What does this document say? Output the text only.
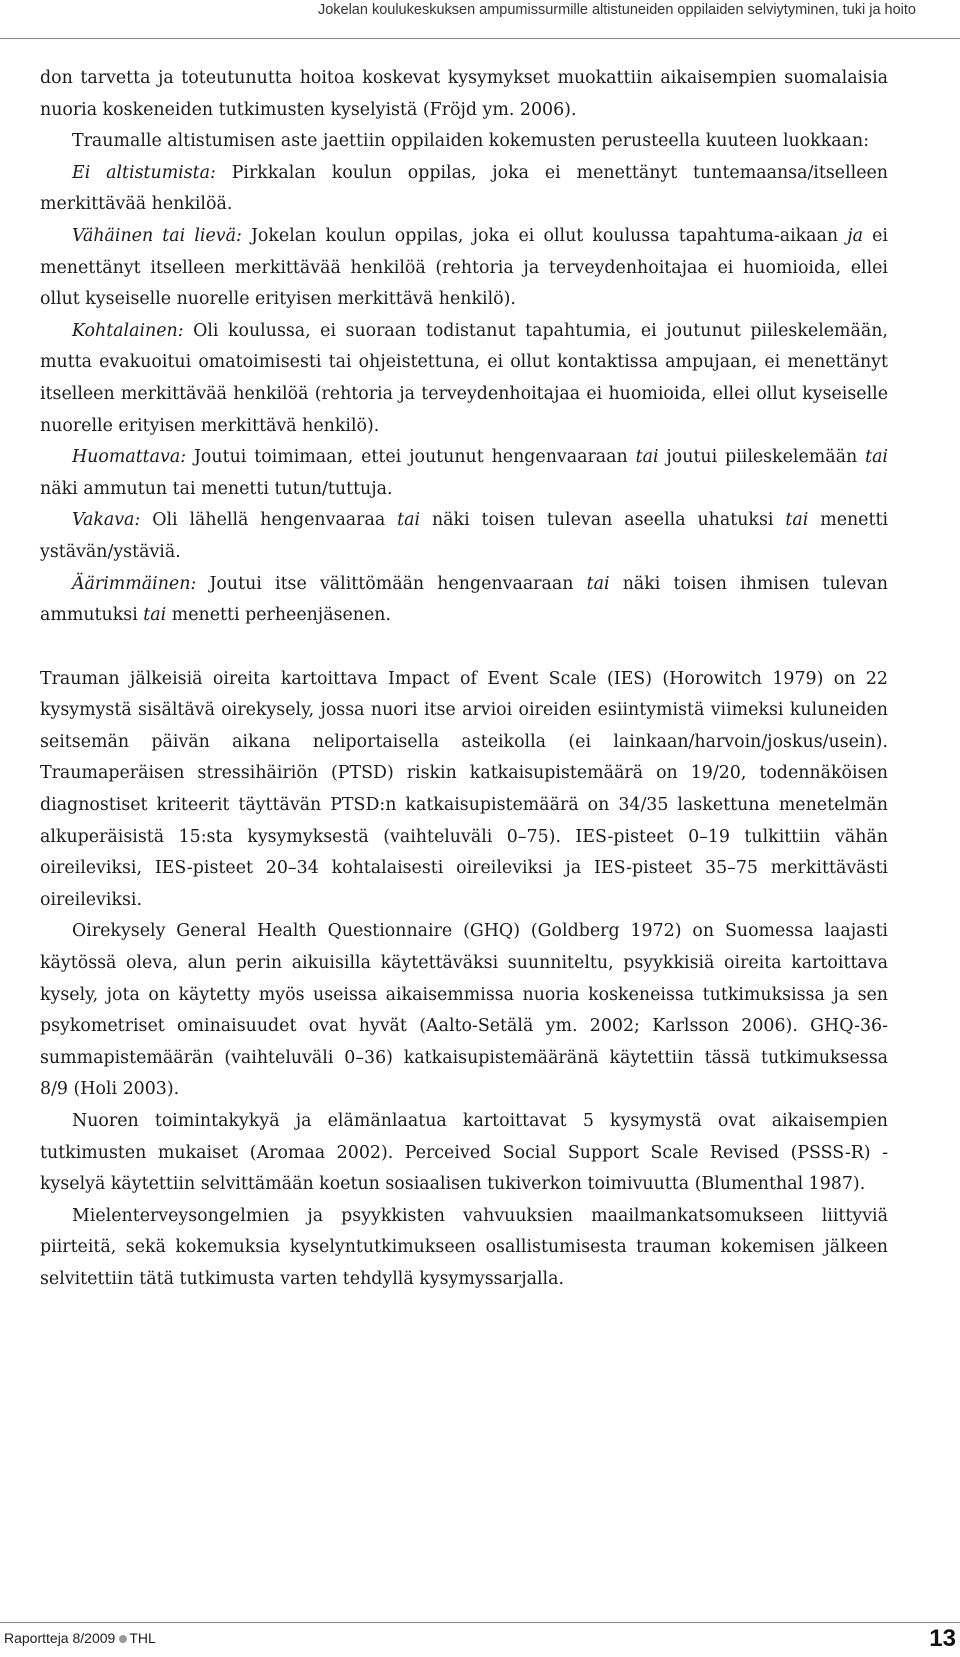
Jokelan koulukeskuksen ampumissurmille altistuneiden oppilaiden selviytyminen, tuki ja hoito

don tarvetta ja toteutunutta hoitoa koskevat kysymykset muokattiin aikaisempien suomalaisia nuoria koskeneiden tutkimusten kyselyistä (Fröjd ym. 2006).

Traumalle altistumisen aste jaettiin oppilaiden kokemusten perusteella kuuteen luokkaan:

Ei altistumista: Pirkkalan koulun oppilas, joka ei menettänyt tuntemaansa/itselleen merkittävää henkilöä.

Vähäinen tai lievä: Jokelan koulun oppilas, joka ei ollut koulussa tapahtuma-aikaan ja ei menettänyt itselleen merkittävää henkilöä (rehtoria ja terveydenhoitajaa ei huomioida, ellei ollut kyseiselle nuorelle erityisen merkittävä henkilö).

Kohtalainen: Oli koulussa, ei suoraan todistanut tapahtumia, ei joutunut piileskelemään, mutta evakuoitui omatoimisesti tai ohjeistettuna, ei ollut kontaktissa ampujaan, ei menettänyt itselleen merkittävää henkilöä (rehtoria ja terveydenhoitajaa ei huomioida, ellei ollut kyseiselle nuorelle erityisen merkittävä henkilö).

Huomattava: Joutui toimimaan, ettei joutunut hengenvaaraan tai joutui piileskelemään tai näki ammutun tai menetti tutun/tuttuja.

Vakava: Oli lähellä hengenvaaraa tai näki toisen tulevan aseella uhatuksi tai menetti ystävän/ystäviä.

Äärimmäinen: Joutui itse välittömään hengenvaaraan tai näki toisen ihmisen tulevan ammutuksi tai menetti perheenjäsenen.

Trauman jälkeisiä oireita kartoittava Impact of Event Scale (IES) (Horowitch 1979) on 22 kysymystä sisältävä oirekysely, jossa nuori itse arvioi oireiden esiintymistä viimeksi kuluneiden seitsemän päivän aikana neliportaisella asteikolla (ei lainkaan/harvoin/joskus/usein). Traumaperäisen stressihäiriön (PTSD) riskin katkaisupistemäärä on 19/20, todennäköisen diagnostiset kriteerit täyttävän PTSD:n katkaisupistemäärä on 34/35 laskettuna menetelmän alkuperäisistä 15:sta kysymyksestä (vaihteluväli 0–75). IES-pisteet 0–19 tulkittiin vähän oireileviksi, IES-pisteet 20–34 kohtalaisesti oireileviksi ja IES-pisteet 35–75 merkittävästi oireileviksi.

Oirekysely General Health Questionnaire (GHQ) (Goldberg 1972) on Suomessa laajasti käytössä oleva, alun perin aikuisilla käytettäväksi suunniteltu, psyykkisiä oireita kartoittava kysely, jota on käytetty myös useissa aikaisemmissa nuoria koskeneissa tutkimuksissa ja sen psykometriset ominaisuudet ovat hyvät (Aalto-Setälä ym. 2002; Karlsson 2006). GHQ-36-summapistemäärän (vaihteluväli 0–36) katkaisupistemääränä käytettiin tässä tutkimuksessa 8/9 (Holi 2003).

Nuoren toimintakykyä ja elämänlaatua kartoittavat 5 kysymystä ovat aikaisempien tutkimusten mukaiset (Aromaa 2002). Perceived Social Support Scale Revised (PSSS-R) -kyselyä käytettiin selvittämään koetun sosiaalisen tukiverkon toimivuutta (Blumenthal 1987).

Mielenterveysongelmien ja psyykkisten vahvuuksien maailmankatsomukseen liittyviä piirteitä, sekä kokemuksia kyselyntutkimukseen osallistumisesta trauman kokemisen jälkeen selvitettiin tätä tutkimusta varten tehdyllä kysymyssarjalla.

Raportteja 8/2009 THL	13
